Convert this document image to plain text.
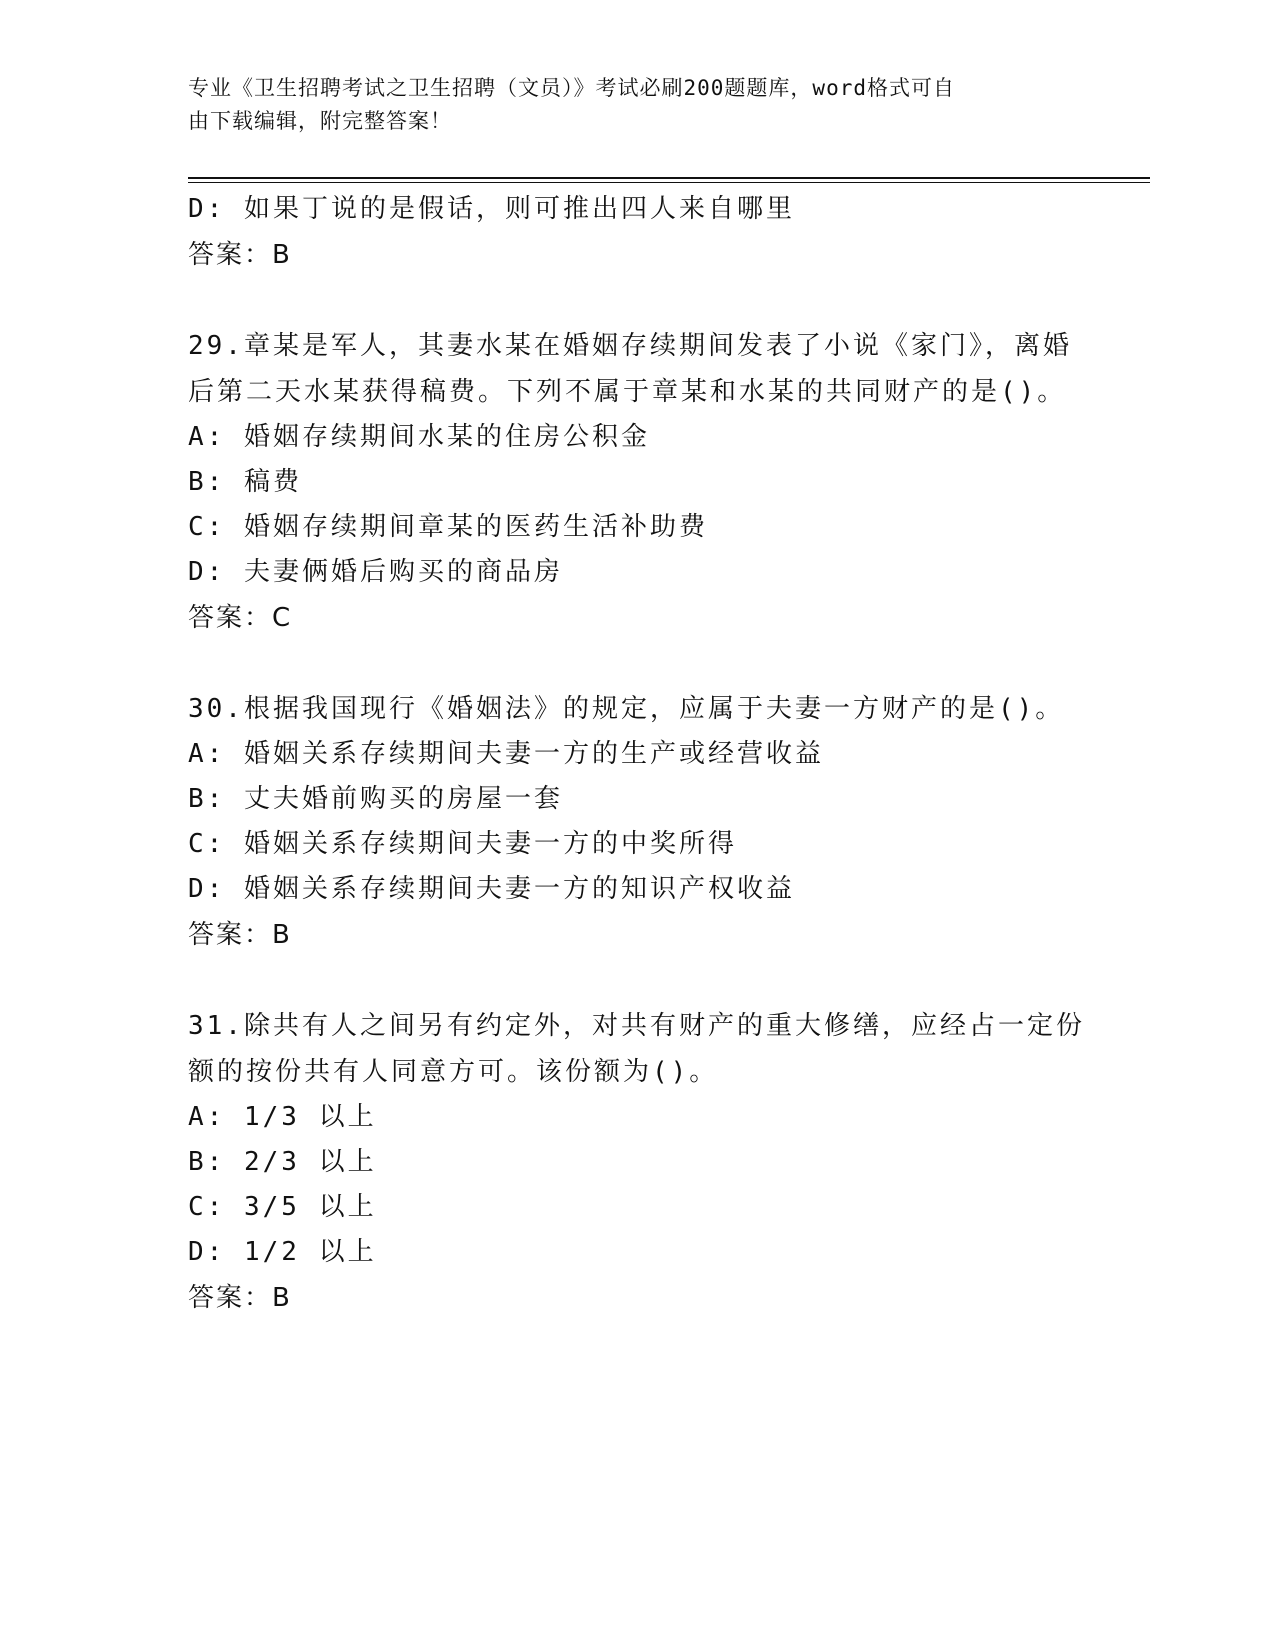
专业《卫生招聘考试之卫生招聘（文员）》考试必刷200题题库，word格式可自
由下载编辑，附完整答案！
D: 如果丁说的是假话，则可推出四人来自哪里
答案：B
29.章某是军人，其妻水某在婚姻存续期间发表了小说《家门》，离婚
后第二天水某获得稿费。下列不属于章某和水某的共同财产的是()。
A: 婚姻存续期间水某的住房公积金
B: 稿费
C: 婚姻存续期间章某的医药生活补助费
D: 夫妻俩婚后购买的商品房
答案：C
30.根据我国现行《婚姻法》的规定，应属于夫妻一方财产的是()。
A: 婚姻关系存续期间夫妻一方的生产或经营收益
B: 丈夫婚前购买的房屋一套
C: 婚姻关系存续期间夫妻一方的中奖所得
D: 婚姻关系存续期间夫妻一方的知识产权收益
答案：B
31.除共有人之间另有约定外，对共有财产的重大修缮，应经占一定份
额的按份共有人同意方可。该份额为()。
A: 1/3 以上
B: 2/3 以上
C: 3/5 以上
D: 1/2 以上
答案：B
